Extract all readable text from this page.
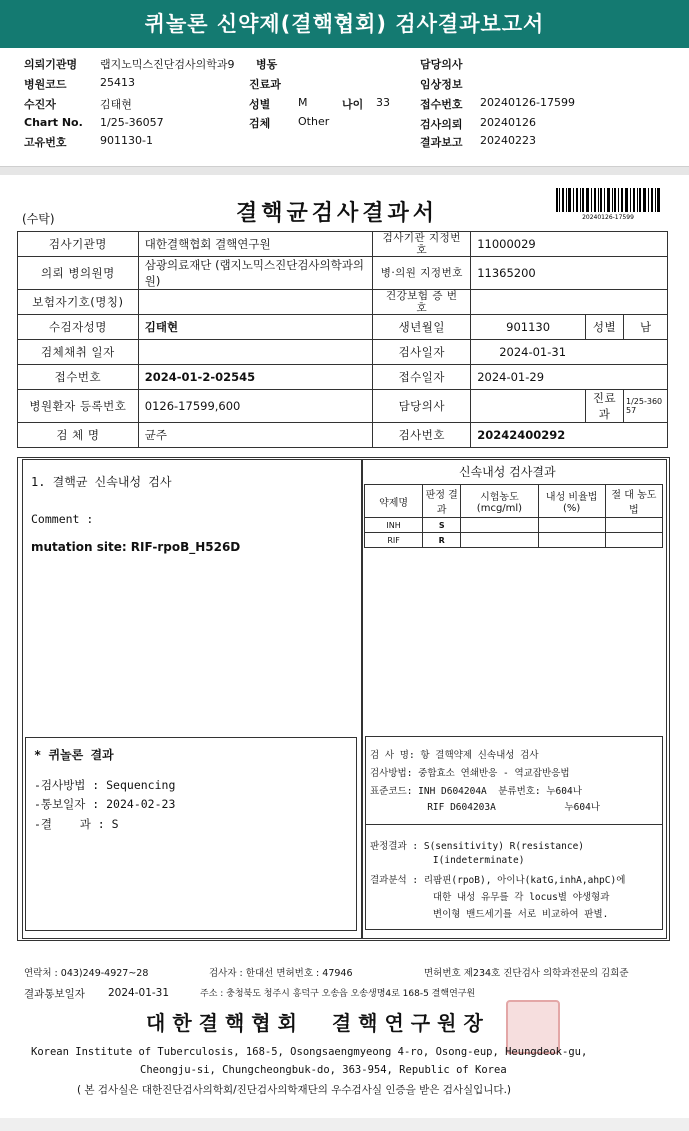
퀴놀론 신약제(결핵협회) 검사결과보고서
의뢰기관명 랩지노믹스진단검사의학과9 병동	담당의사
병원코드	25413	진료과	임상정보
수진자	김태현	성별	M	나이 33	접수번호 20240126-17599
Chart No. 1/25-36057	검체	Other	검사의뢰 20240126
고유번호	901130-1	결과보고 20240223
(수탁)	결핵균검사결과서	20240126-17599
검사기관명	대한결핵협회 결핵연구원	검사기관 지정번호	11000029		
의뢰 병의원명	삼광의료재단 (랩지노믹스진단검사의학과의원)	병·의원 지정번호	11365200		
보험자기호(명칭)		건강보험 증 번 호			
수검자성명	김태현	생년월일	901130	성별	남
검체채취 일자		검사일자	2024-01-31		
접수번호	2024-01-2-02545	접수일자	2024-01-29		
병원환자 등록번호	0126-17599,600	담당의사		진료과	1/25-36057
검 체 명	균주	검사번호	20242400292		
1. 결핵균 신속내성 검사
Comment :
mutation site: RIF-rpoB_H526D
신속내성 검사결과
약제명	판정 결과	시험농도 (mcg/ml)	내성 비율법(%)	절 대 농도법
INH	S			
RIF	R			
* 퀴놀론 결과
-검사방법 : Sequencing
-통보일자 : 2024-02-23
-결    과 : S
검 사 명: 항 결핵약제 신속내성 검사
검사방법: 중합효소 연쇄반응 - 역교잡반응법
표준코드: INH D604204A  분류번호: 누604나
RIF D604203A            누604나
판정결과 : S(sensitivity) R(resistance)
I(indeterminate)
결과분석 : 리팜핀(rpoB), 아이나(katG,inhA,ahpC)에
대한 내성 유무를 각 locus별 야생형과
변이형 밴드세기를 서로 비교하여 판별.
연락처 : 043)249-4927~28	검사자 : 한대선 면허번호 : 47946	면허번호 제234호 진단검사 의학과전문의 김희준
결과통보일자 2024-01-31	주소 : 충청북도 청주시 흥덕구 오송읍 오송생명4로 168-5 결핵연구원
대한결핵협회  결핵연구원장
Korean Institute of Tuberculosis, 168-5, Osongsaengmyeong 4-ro, Osong-eup, Heungdeok-gu,
Cheongju-si, Chungcheongbuk-do, 363-954, Republic of Korea
( 본 검사실은 대한진단검사의학회/진단검사의학재단의 우수검사실 인증을 받은 검사실입니다.)
